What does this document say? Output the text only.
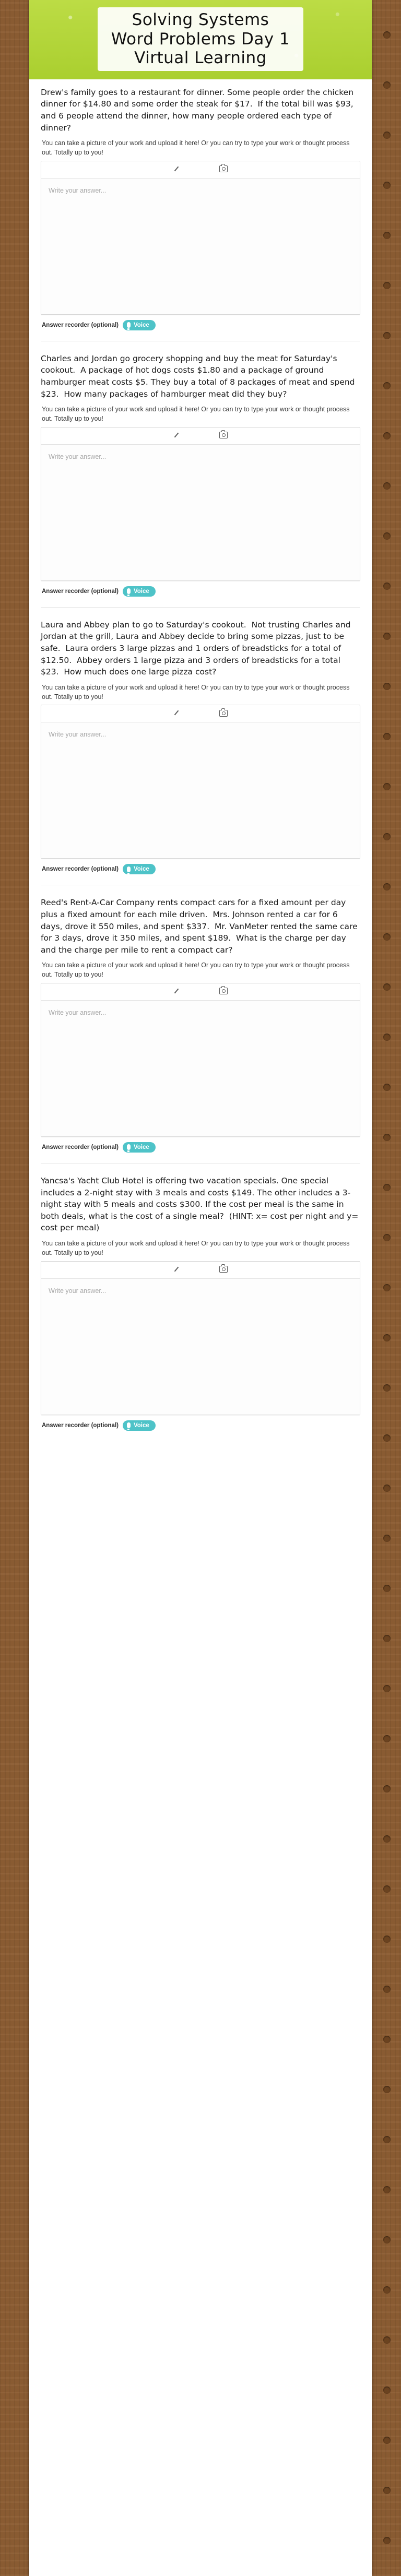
Solving Systems
Word Problems Day 1
Virtual Learning

Drew's family goes to a restaurant for dinner. Some people order the chicken dinner for $14.80 and some order the steak for $17.  If the total bill was $93, and 6 people attend the dinner, how many people ordered each type of dinner?

You can take a picture of your work and upload it here! Or you can try to type your work or thought process out. Totally up to you!

Write your answer...
Answer recorder (optional)	Voice

Charles and Jordan go grocery shopping and buy the meat for Saturday's cookout.  A package of hot dogs costs $1.80 and a package of ground hamburger meat costs $5. They buy a total of 8 packages of meat and spend $23.  How many packages of hamburger meat did they buy?

You can take a picture of your work and upload it here! Or you can try to type your work or thought process out. Totally up to you!

Write your answer...
Answer recorder (optional)	Voice

Laura and Abbey plan to go to Saturday's cookout.  Not trusting Charles and Jordan at the grill, Laura and Abbey decide to bring some pizzas, just to be safe.  Laura orders 3 large pizzas and 1 orders of breadsticks for a total of $12.50.  Abbey orders 1 large pizza and 3 orders of breadsticks for a total $23.  How much does one large pizza cost?

You can take a picture of your work and upload it here! Or you can try to type your work or thought process out. Totally up to you!

Write your answer...
Answer recorder (optional)	Voice

Reed's Rent-A-Car Company rents compact cars for a fixed amount per day plus a fixed amount for each mile driven.  Mrs. Johnson rented a car for 6 days, drove it 550 miles, and spent $337.  Mr. VanMeter rented the same care for 3 days, drove it 350 miles, and spent $189.  What is the charge per day and the charge per mile to rent a compact car?

You can take a picture of your work and upload it here! Or you can try to type your work or thought process out. Totally up to you!

Write your answer...
Answer recorder (optional)	Voice

Yancsa's Yacht Club Hotel is offering two vacation specials. One special includes a 2-night stay with 3 meals and costs $149. The other includes a 3-night stay with 5 meals and costs $300. If the cost per meal is the same in both deals, what is the cost of a single meal?  (HINT: x= cost per night and y= cost per meal)

You can take a picture of your work and upload it here! Or you can try to type your work or thought process out. Totally up to you!

Write your answer...
Answer recorder (optional)	Voice
